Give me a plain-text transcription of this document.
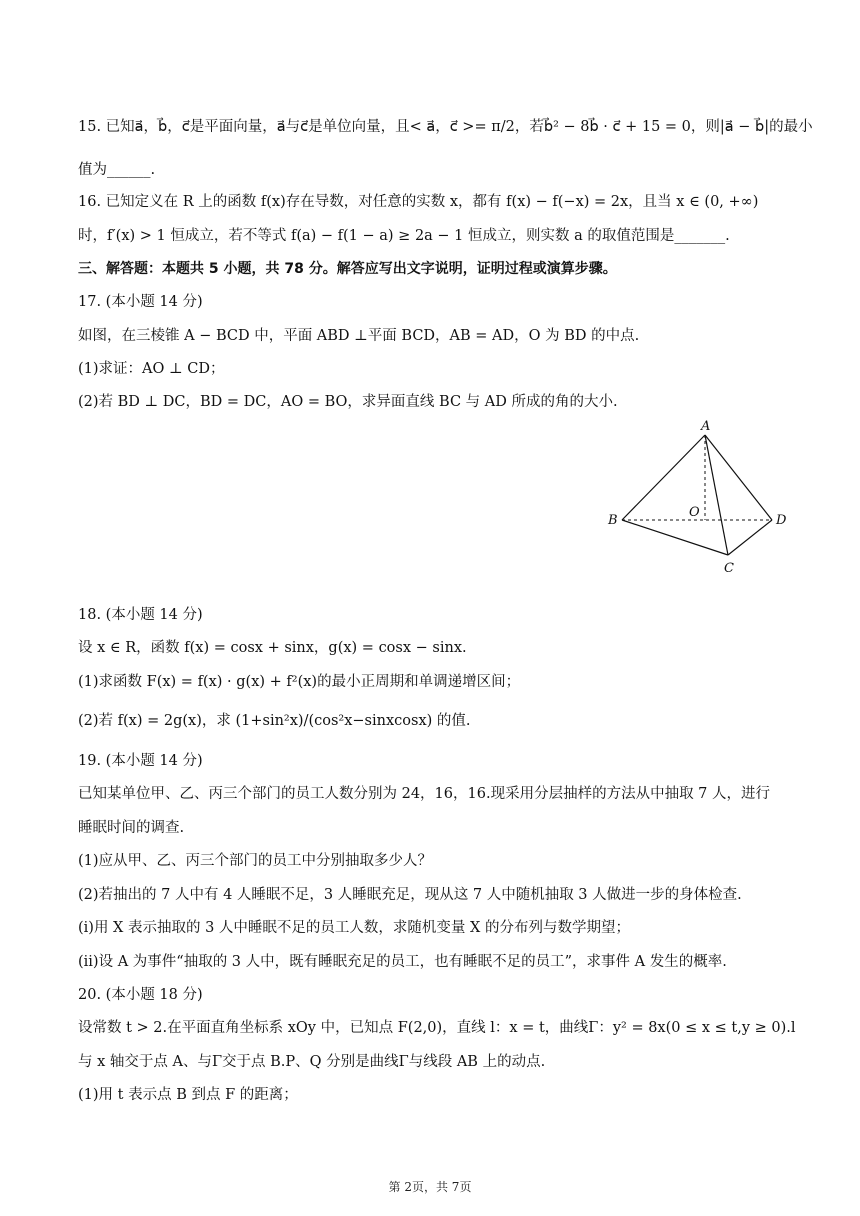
15. 已知a⃗，b⃗，c⃗是平面向量，a⃗与c⃗是单位向量，且< a⃗，c⃗ >= π/2，若b⃗² − 8b⃗ · c⃗ + 15 = 0，则|a⃗ − b⃗|的最小
值为______.
16. 已知定义在 R 上的函数 f(x)存在导数，对任意的实数 x，都有 f(x) − f(−x) = 2x，且当 x ∈ (0, +∞)
时，f′(x) > 1 恒成立，若不等式 f(a) − f(1 − a) ≥ 2a − 1 恒成立，则实数 a 的取值范围是_______.
三、解答题：本题共 5 小题，共 78 分。解答应写出文字说明，证明过程或演算步骤。
17. (本小题 14 分)
如图，在三棱锥 A − BCD 中，平面 ABD ⊥平面 BCD，AB = AD，O 为 BD 的中点.
(1)求证：AO ⊥ CD；
(2)若 BD ⊥ DC，BD = DC，AO = BO，求异面直线 BC 与 AD 所成的角的大小.
A
B
C
D
O
18. (本小题 14 分)
设 x ∈ R，函数 f(x) = cosx + sinx，g(x) = cosx − sinx.
(1)求函数 F(x) = f(x) · g(x) + f²(x)的最小正周期和单调递增区间；
(2)若 f(x) = 2g(x)，求 (1+sin²x)/(cos²x−sinxcosx) 的值.
19. (本小题 14 分)
已知某单位甲、乙、丙三个部门的员工人数分别为 24，16，16.现采用分层抽样的方法从中抽取 7 人，进行
睡眠时间的调查.
(1)应从甲、乙、丙三个部门的员工中分别抽取多少人？
(2)若抽出的 7 人中有 4 人睡眠不足，3 人睡眠充足，现从这 7 人中随机抽取 3 人做进一步的身体检查.
(i)用 X 表示抽取的 3 人中睡眠不足的员工人数，求随机变量 X 的分布列与数学期望；
(ii)设 A 为事件“抽取的 3 人中，既有睡眠充足的员工，也有睡眠不足的员工”，求事件 A 发生的概率.
20. (本小题 18 分)
设常数 t > 2.在平面直角坐标系 xOy 中，已知点 F(2,0)，直线 l：x = t，曲线Γ：y² = 8x(0 ≤ x ≤ t,y ≥ 0).l
与 x 轴交于点 A、与Γ交于点 B.P、Q 分别是曲线Γ与线段 AB 上的动点.
(1)用 t 表示点 B 到点 F 的距离；
第 2页，共 7页
